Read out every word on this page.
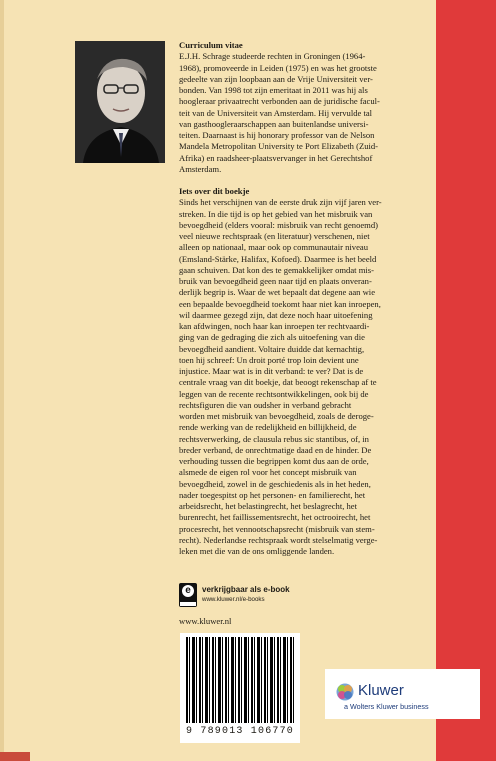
Curriculum vitae

E.J.H. Schrage studeerde rechten in Groningen (1964-
1968), promoveerde in Leiden (1975) en was het grootste
gedeelte van zijn loopbaan aan de Vrije Universiteit ver-
bonden. Van 1998 tot zijn emeritaat in 2011 was hij als
hoogleraar privaatrecht verbonden aan de juridische facul-
teit van de Universiteit van Amsterdam. Hij vervulde tal
van gasthoogleraarschappen aan buitenlandse universi-
teiten. Daarnaast is hij honorary professor van de Nelson
Mandela Metropolitan University te Port Elizabeth (Zuid-
Afrika) en raadsheer-plaatsvervanger in het Gerechtshof
Amsterdam.

Iets over dit boekje

Sinds het verschijnen van de eerste druk zijn vijf jaren ver-
streken. In die tijd is op het gebied van het misbruik van
bevoegdheid (elders vooral: misbruik van recht genoemd)
veel nieuwe rechtspraak (en literatuur) verschenen, niet
alleen op nationaal, maar ook op communautair niveau
(Emsland-Stärke, Halifax, Kofoed). Daarmee is het beeld
gaan schuiven. Dat kon des te gemakkelijker omdat mis-
bruik van bevoegdheid geen naar tijd en plaats onveran-
derlijk begrip is. Waar de wet bepaalt dat degene aan wie
een bepaalde bevoegdheid toekomt haar niet kan inroepen,
wil daarmee gezegd zijn, dat deze noch haar uitoefening
kan afdwingen, noch haar kan inroepen ter rechtvaardi-
ging van de gedraging die zich als uitoefening van die
bevoegdheid aandient. Voltaire duidde dat kernachtig,
toen hij schreef: Un droit porté trop loin devient une
injustice. Maar wat is in dit verband: te ver? Dat is de
centrale vraag van dit boekje, dat beoogt rekenschap af te
leggen van de recente rechtsontwikkelingen, ook bij de
rechtsfiguren die van oudsher in verband gebracht
worden met misbruik van bevoegdheid, zoals de deroge-
rende werking van de redelijkheid en billijkheid, de
rechtsverwerking, de clausula rebus sic stantibus, of, in
breder verband, de onrechtmatige daad en de hinder. De
verhouding tussen die begrippen komt dus aan de orde,
alsmede de eigen rol voor het concept misbruik van
bevoegdheid, zowel in de geschiedenis als in het heden,
nader toegespitst op het personen- en familierecht, het
arbeidsrecht, het belastingrecht, het beslagrecht, het
burenrecht, het faillissementsrecht, het octrooirecht, het
procesrecht, het vennootschapsrecht (misbruik van stem-
recht). Nederlandse rechtspraak wordt stelselmatig verge-
leken met die van de ons omliggende landen.
e	verkrijgbaar als e-book
www.kluwer.nl/e-books
www.kluwer.nl
9 789013 106770
Kluwer
a Wolters Kluwer business
